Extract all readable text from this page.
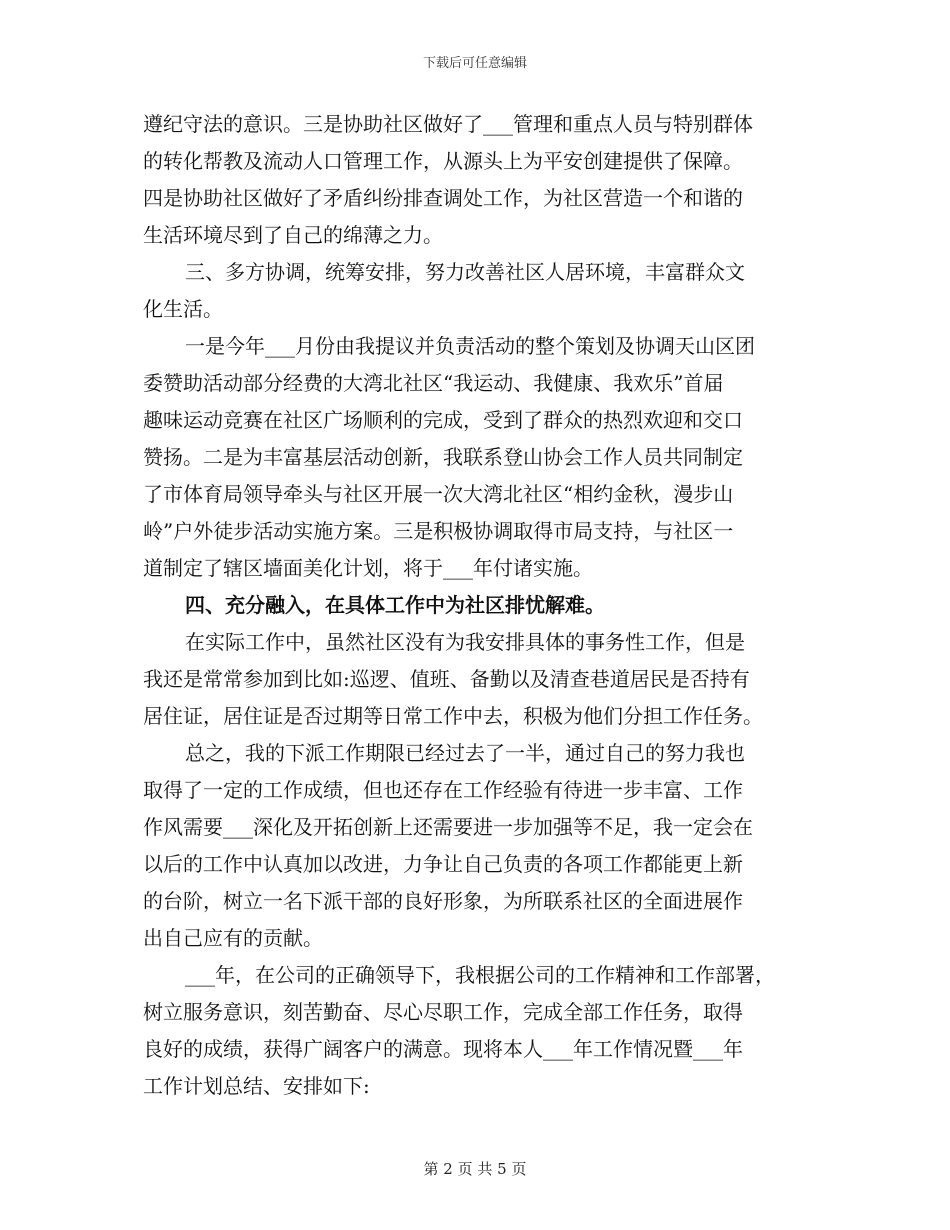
下载后可任意编辑
遵纪守法的意识。三是协助社区做好了___管理和重点人员与特别群体
的转化帮教及流动人口管理工作，从源头上为平安创建提供了保障。
四是协助社区做好了矛盾纠纷排查调处工作，为社区营造一个和谐的
生活环境尽到了自己的绵薄之力。
三、多方协调，统筹安排，努力改善社区人居环境，丰富群众文
化生活。
一是今年___月份由我提议并负责活动的整个策划及协调天山区团
委赞助活动部分经费的大湾北社区“我运动、我健康、我欢乐”首届
趣味运动竞赛在社区广场顺利的完成，受到了群众的热烈欢迎和交口
赞扬。二是为丰富基层活动创新，我联系登山协会工作人员共同制定
了市体育局领导牵头与社区开展一次大湾北社区“相约金秋，漫步山
岭”户外徒步活动实施方案。三是积极协调取得市局支持，与社区一
道制定了辖区墙面美化计划，将于___年付诸实施。
四、充分融入，在具体工作中为社区排忧解难。
在实际工作中，虽然社区没有为我安排具体的事务性工作，但是
我还是常常参加到比如:巡逻、值班、备勤以及清查巷道居民是否持有
居住证，居住证是否过期等日常工作中去，积极为他们分担工作任务。
总之，我的下派工作期限已经过去了一半，通过自己的努力我也
取得了一定的工作成绩，但也还存在工作经验有待进一步丰富、工作
作风需要___深化及开拓创新上还需要进一步加强等不足，我一定会在
以后的工作中认真加以改进，力争让自己负责的各项工作都能更上新
的台阶，树立一名下派干部的良好形象，为所联系社区的全面进展作
出自己应有的贡献。
___年，在公司的正确领导下，我根据公司的工作精神和工作部署，
树立服务意识，刻苦勤奋、尽心尽职工作，完成全部工作任务，取得
良好的成绩，获得广阔客户的满意。现将本人___年工作情况暨___年
工作计划总结、安排如下:
第 2 页 共 5 页
